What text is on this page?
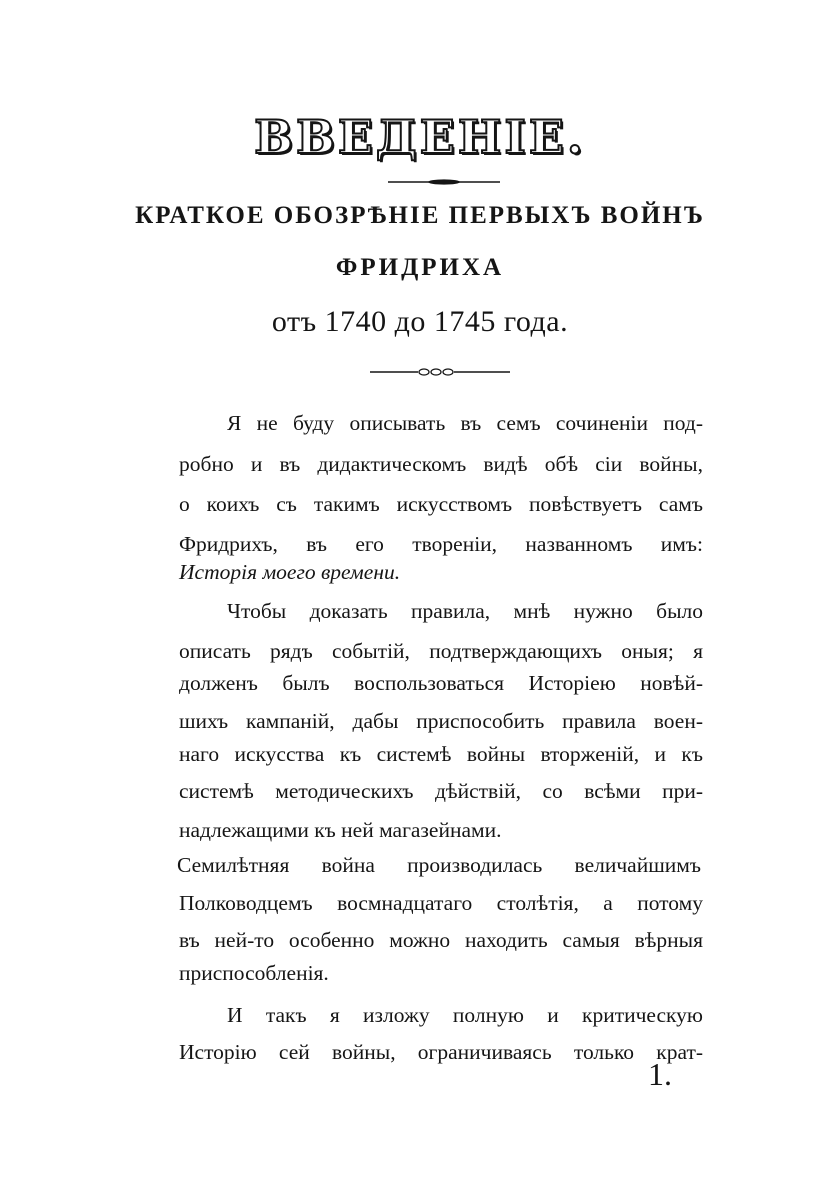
ВВЕДЕНІЕ.
КРАТКОЕ ОБОЗРѢНІЕ ПЕРВЫХЪ ВОЙНЪ
ФРИДРИХА
отъ 1740 до 1745 года.
Я не буду описывать въ семъ сочиненіи под-
робно и въ дидактическомъ видѣ обѣ сіи войны,
о коихъ съ такимъ искусствомъ повѣствуетъ самъ
Фридрихъ, въ его твореніи, названномъ имъ:
Исторія моего времени.
Чтобы доказать правила, мнѣ нужно было
описать рядъ событій, подтверждающихъ оныя; я
долженъ былъ воспользоваться Исторіею новѣй-
шихъ кампаній, дабы приспособить правила воен-
наго искусства къ системѣ войны вторженій, и къ
системѣ методическихъ дѣйствій, со всѣми при-
надлежащими къ ней магазейнами.
Семилѣтняя война производилась величайшимъ
Полководцемъ восмнадцатаго столѣтія, а потому
въ ней-то особенно можно находить самыя вѣрныя
приспособленія.
И такъ я изложу полную и критическую
Исторію сей войны, ограничиваясь только крат-
1.
